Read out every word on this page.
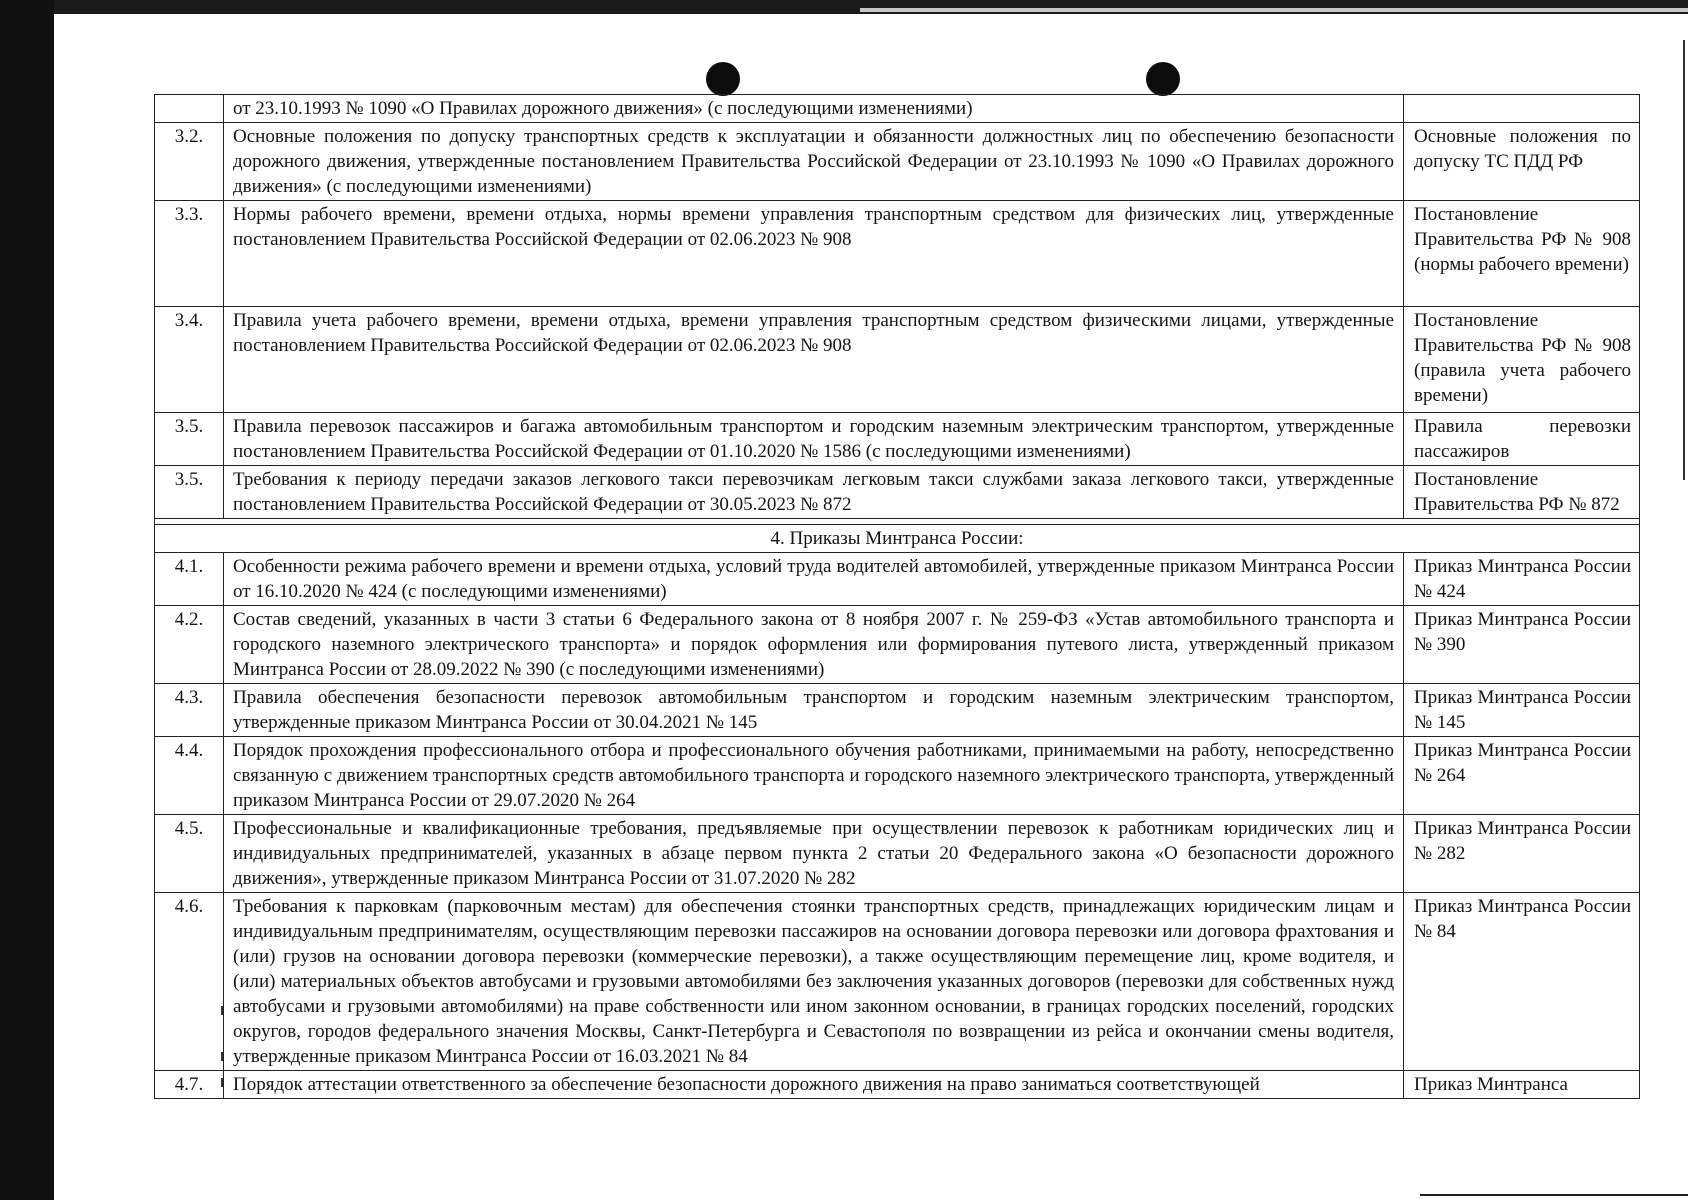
	от 23.10.1993 № 1090 «О Правилах дорожного движения» (с последующими изменениями)	
3.2.	Основные положения по допуску транспортных средств к эксплуатации и обязанности должностных лиц по обеспечению безопасности дорожного движения, утвержденные постановлением Правительства Российской Федерации от 23.10.1993 № 1090 «О Правилах дорожного движения» (с последующими изменениями)	Основные положения по допуску ТС ПДД РФ
3.3.	Нормы рабочего времени, времени отдыха, нормы времени управления транспортным средством для физических лиц, утвержденные постановлением Правительства Российской Федерации от 02.06.2023 № 908	Постановление Правительства РФ № 908 (нормы рабочего времени)
3.4.	Правила учета рабочего времени, времени отдыха, времени управления транспортным средством физическими лицами, утвержденные постановлением Правительства Российской Федерации от 02.06.2023 № 908	Постановление Правительства РФ № 908 (правила учета рабочего времени)
3.5.	Правила перевозок пассажиров и багажа автомобильным транспортом и городским наземным электрическим транспортом, утвержденные постановлением Правительства Российской Федерации от 01.10.2020 № 1586 (с последующими изменениями)	Правила перевозки пассажиров
3.5.	Требования к периоду передачи заказов легкового такси перевозчикам легковым такси службами заказа легкового такси, утвержденные постановлением Правительства Российской Федерации от 30.05.2023 № 872	Постановление Правительства РФ № 872

4. Приказы Минтранса России:		
4.1.	Особенности режима рабочего времени и времени отдыха, условий труда водителей автомобилей, утвержденные приказом Минтранса России от 16.10.2020 № 424 (с последующими изменениями)	Приказ Минтранса России № 424
4.2.	Состав сведений, указанных в части 3 статьи 6 Федерального закона от 8 ноября 2007 г. № 259-ФЗ «Устав автомобильного транспорта и городского наземного электрического транспорта» и порядок оформления или формирования путевого листа, утвержденный приказом Минтранса России от 28.09.2022 № 390 (с последующими изменениями)	Приказ Минтранса России № 390
4.3.	Правила обеспечения безопасности перевозок автомобильным транспортом и городским наземным электрическим транспортом, утвержденные приказом Минтранса России от 30.04.2021 № 145	Приказ Минтранса России № 145
4.4.	Порядок прохождения профессионального отбора и профессионального обучения работниками, принимаемыми на работу, непосредственно связанную с движением транспортных средств автомобильного транспорта и городского наземного электрического транспорта, утвержденный приказом Минтранса России от 29.07.2020 № 264	Приказ Минтранса России № 264
4.5.	Профессиональные и квалификационные требования, предъявляемые при осуществлении перевозок к работникам юридических лиц и индивидуальных предпринимателей, указанных в абзаце первом пункта 2 статьи 20 Федерального закона «О безопасности дорожного движения», утвержденные приказом Минтранса России от 31.07.2020 № 282	Приказ Минтранса России № 282
4.6.	Требования к парковкам (парковочным местам) для обеспечения стоянки транспортных средств, принадлежащих юридическим лицам и индивидуальным предпринимателям, осуществляющим перевозки пассажиров на основании договора перевозки или договора фрахтования и (или) грузов на основании договора перевозки (коммерческие перевозки), а также осуществляющим перемещение лиц, кроме водителя, и (или) материальных объектов автобусами и грузовыми автомобилями без заключения указанных договоров (перевозки для собственных нужд автобусами и грузовыми автомобилями) на праве собственности или ином законном основании, в границах городских поселений, городских округов, городов федерального значения Москвы, Санкт-Петербурга и Севастополя по возвращении из рейса и окончании смены водителя, утвержденные приказом Минтранса России от 16.03.2021 № 84	Приказ Минтранса России № 84
4.7.	Порядок аттестации ответственного за обеспечение безопасности дорожного движения на право заниматься соответствующей	Приказ Минтранса
